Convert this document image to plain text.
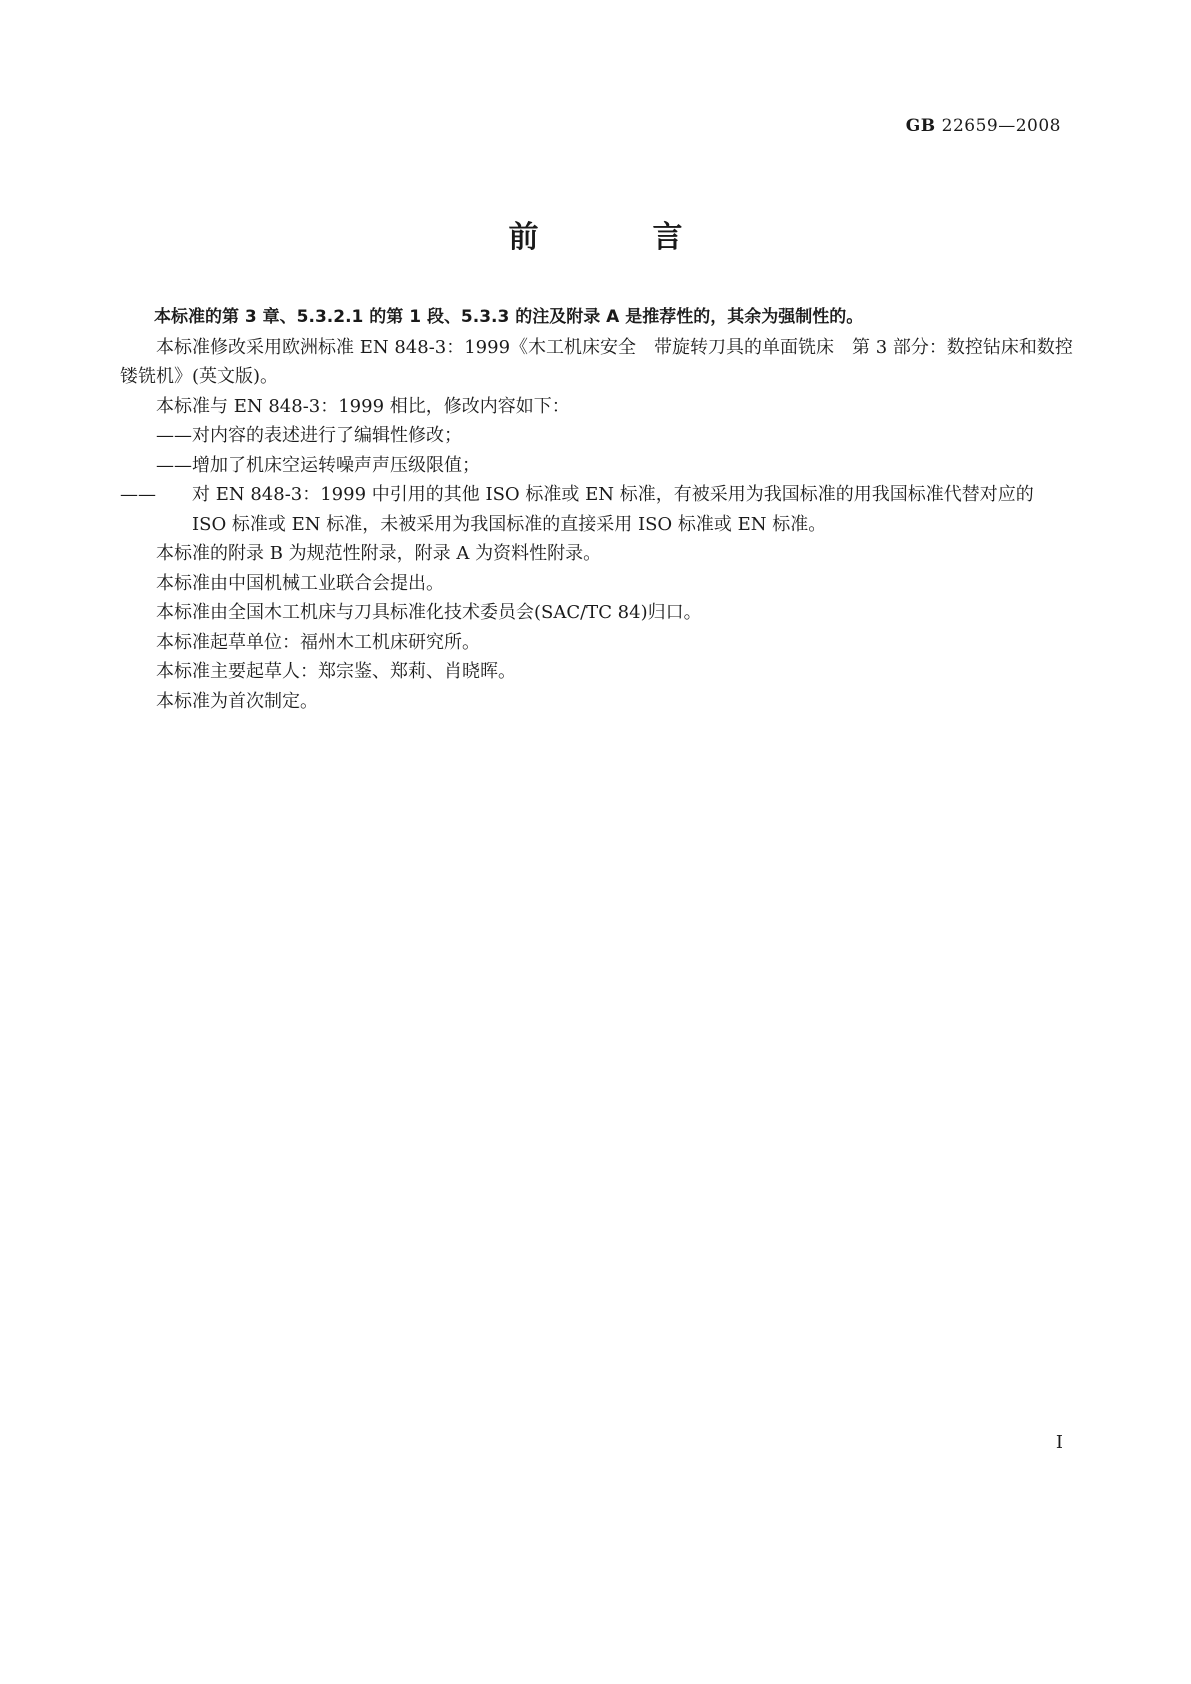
GB 22659—2008
前　言

本标准的第 3 章、5.3.2.1 的第 1 段、5.3.3 的注及附录 A 是推荐性的，其余为强制性的。

本标准修改采用欧洲标准 EN 848-3：1999《木工机床安全　带旋转刀具的单面铣床　第 3 部分：数控钻床和数控镂铣机》(英文版)。

本标准与 EN 848-3：1999 相比，修改内容如下：

——对内容的表述进行了编辑性修改；

——增加了机床空运转噪声声压级限值；

—— 对 EN 848-3：1999 中引用的其他 ISO 标准或 EN 标准，有被采用为我国标准的用我国标准代替对应的 ISO 标准或 EN 标准，未被采用为我国标准的直接采用 ISO 标准或 EN 标准。

本标准的附录 B 为规范性附录，附录 A 为资料性附录。

本标准由中国机械工业联合会提出。

本标准由全国木工机床与刀具标准化技术委员会(SAC/TC 84)归口。

本标准起草单位：福州木工机床研究所。

本标准主要起草人：郑宗鉴、郑莉、肖晓晖。

本标准为首次制定。

I
